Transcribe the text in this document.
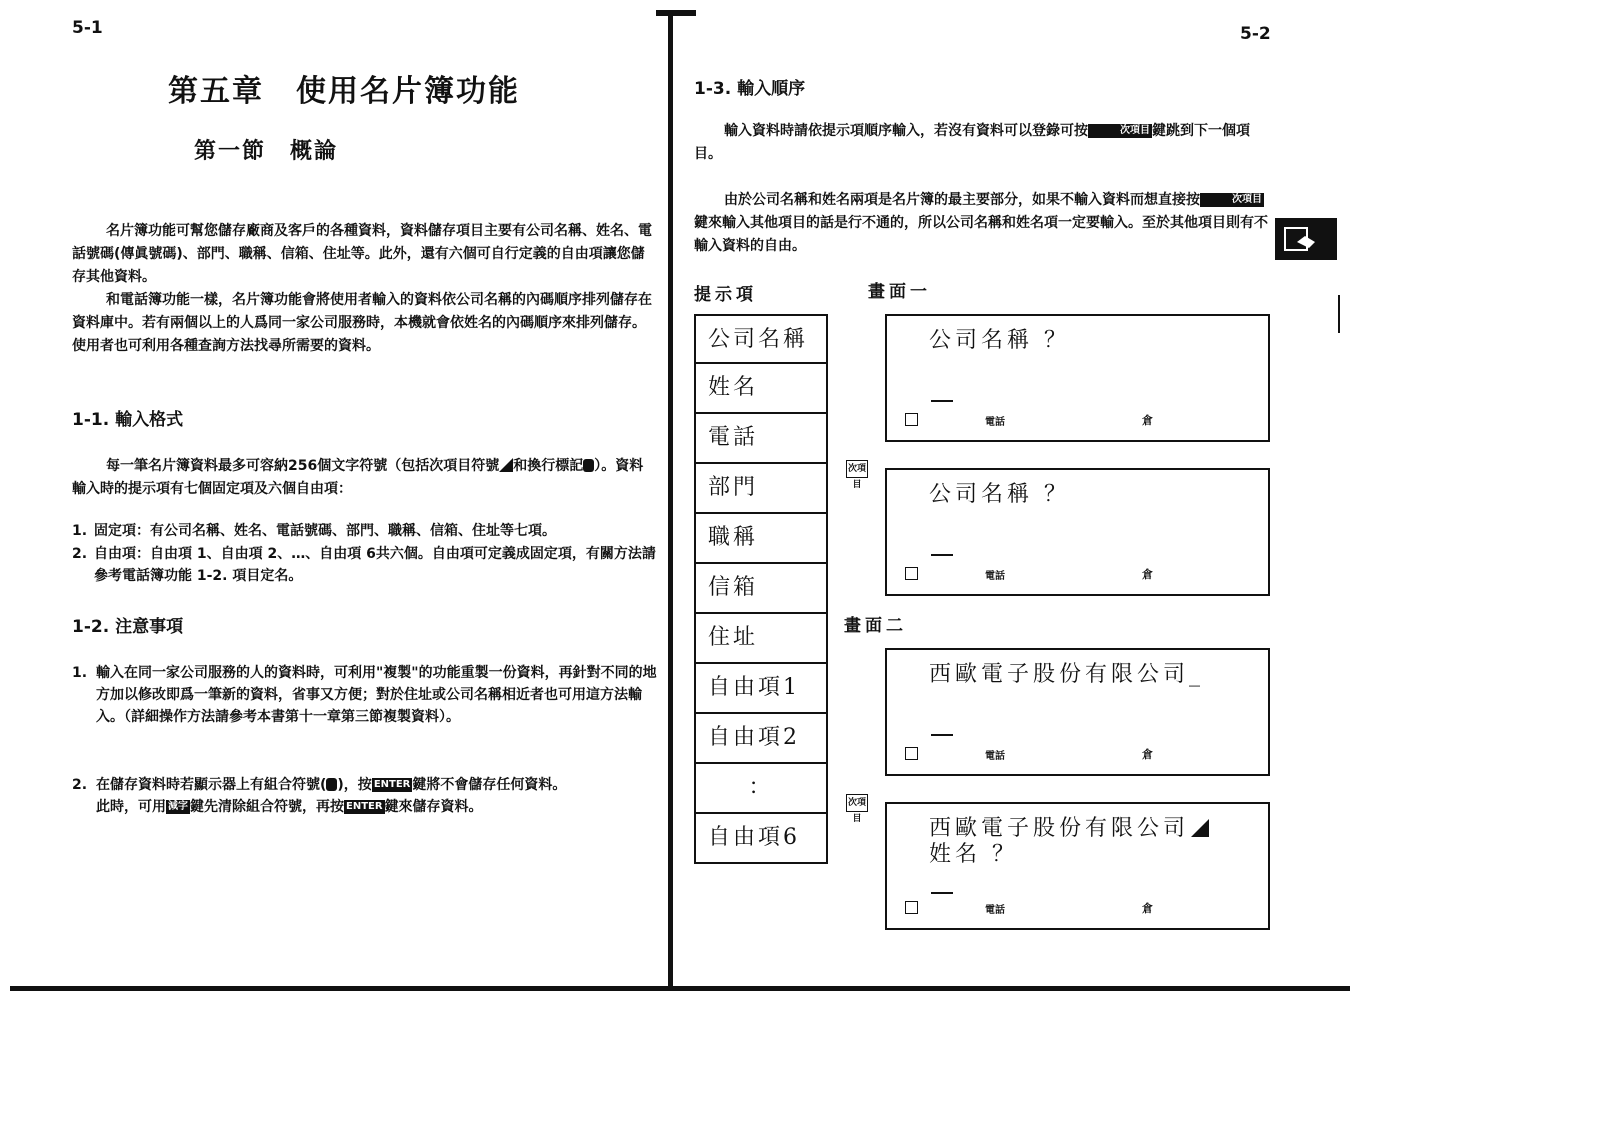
5-1
第五章　使用名片簿功能
第一節　概論
名片簿功能可幫您儲存廠商及客戶的各種資料，資料儲存項目主要有公司名稱、姓名、電話號碼(傳眞號碼)、部門、職稱、信箱、住址等。此外，還有六個可自行定義的自由項讓您儲存其他資料。
和電話簿功能一樣，名片簿功能會將使用者輸入的資料依公司名稱的內碼順序排列儲存在資料庫中。若有兩個以上的人爲同一家公司服務時，本機就會依姓名的內碼順序來排列儲存。使用者也可利用各種查詢方法找尋所需要的資料。
1-1. 輸入格式
每一筆名片簿資料最多可容納256個文字符號（包括次項目符號 和換行標記 ）。資料輸入時的提示項有七個固定項及六個自由項：
1. 固定項：有公司名稱、姓名、電話號碼、部門、職稱、信箱、住址等七項。
2. 自由項：自由項 1、自由項 2、…、自由項 6共六個。自由項可定義成固定項，有關方法請參考電話簿功能 1-2. 項目定名。
1-2. 注意事項
1. 輸入在同一家公司服務的人的資料時，可利用"複製"的功能重製一份資料，再針對不同的地方加以修改即爲一筆新的資料，省事又方便；對於住址或公司名稱相近者也可用這方法輸入。（詳細操作方法請參考本書第十一章第三節複製資料）。
2. 在儲存資料時若顯示器上有組合符號( )，按 ENTER 鍵將不會儲存任何資料。
此時，可用 減字 鍵先清除組合符號，再按 ENTER 鍵來儲存資料。
5-2
1-3. 輸入順序
輸入資料時請依提示項順序輸入，若沒有資料可以登錄可按	次項目 鍵跳到下一個項目。
由於公司名稱和姓名兩項是名片簿的最主要部分，如果不輸入資料而想直接按	次項目鍵來輸入其他項目的話是行不通的，所以公司名稱和姓名項一定要輸入。至於其他項目則有不輸入資料的自由。
提示項	畫面一
畫面二
公司名稱
姓名
電話
部門
職稱
信箱
住址
自由項1
自由項2
：
自由項6
次項目
次項目
公司名稱 ？
電話	倉
公司名稱 ？
電話	倉
西歐電子股份有限公司_
電話	倉
西歐電子股份有限公司
姓名 ？
電話	倉
